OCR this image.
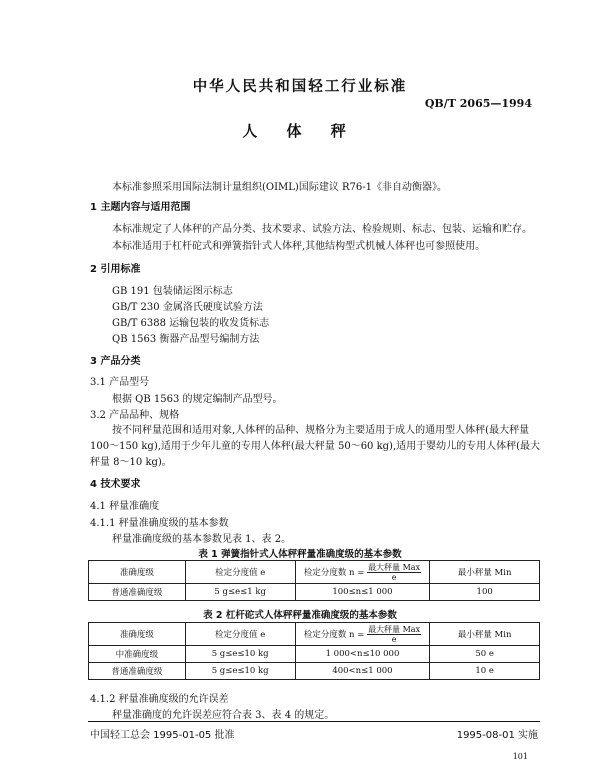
中华人民共和国轻工行业标准
QB/T 2065—1994
人 体 秤
本标准参照采用国际法制计量组织(OIML)国际建议 R76-1《非自动衡器》。
1 主题内容与适用范围
本标准规定了人体秤的产品分类、技术要求、试验方法、检验规则、标志、包装、运输和贮存。
本标准适用于杠杆砣式和弹簧指针式人体秤,其他结构型式机械人体秤也可参照使用。
2 引用标准
GB 191 包装储运图示标志
GB/T 230 金属洛氏硬度试验方法
GB/T 6388 运输包装的收发货标志
QB 1563 衡器产品型号编制方法
3 产品分类
3.1 产品型号
根据 QB 1563 的规定编制产品型号。
3.2 产品品种、规格
按不同秤量范围和适用对象,人体秤的品种、规格分为主要适用于成人的通用型人体秤(最大秤量
100～150 kg),适用于少年儿童的专用人体秤(最大秤量 50～60 kg),适用于婴幼儿的专用人体秤(最大
秤量 8～10 kg)。
4 技术要求
4.1 秤量准确度
4.1.1 秤量准确度级的基本参数
秤量准确度级的基本参数见表 1、表 2。
表 1 弹簧指针式人体秤秤量准确度级的基本参数
准确度级	检定分度值 e	检定分度数 $n = \frac{\text{最大秤量 Max}}{e}$	最小秤量 Min
普通准确度级	5 g≤e≤1 kg	100≤n≤1 000	100
表 2 杠杆砣式人体秤秤量准确度级的基本参数
准确度级	检定分度值 e	检定分度数 $n = \frac{\text{最大秤量 Max}}{e}$	最小秤量 Min
中准确度级	5 g≤e≤10 kg	1 000<n≤10 000	50 e
普通准确度级	5 g≤e≤10 kg	400<n≤1 000	10 e
4.1.2 秤量准确度级的允许误差
秤量准确度的允许误差应符合表 3、表 4 的规定。
中国轻工总会 1995-01-05 批准	1995-08-01 实施
101
